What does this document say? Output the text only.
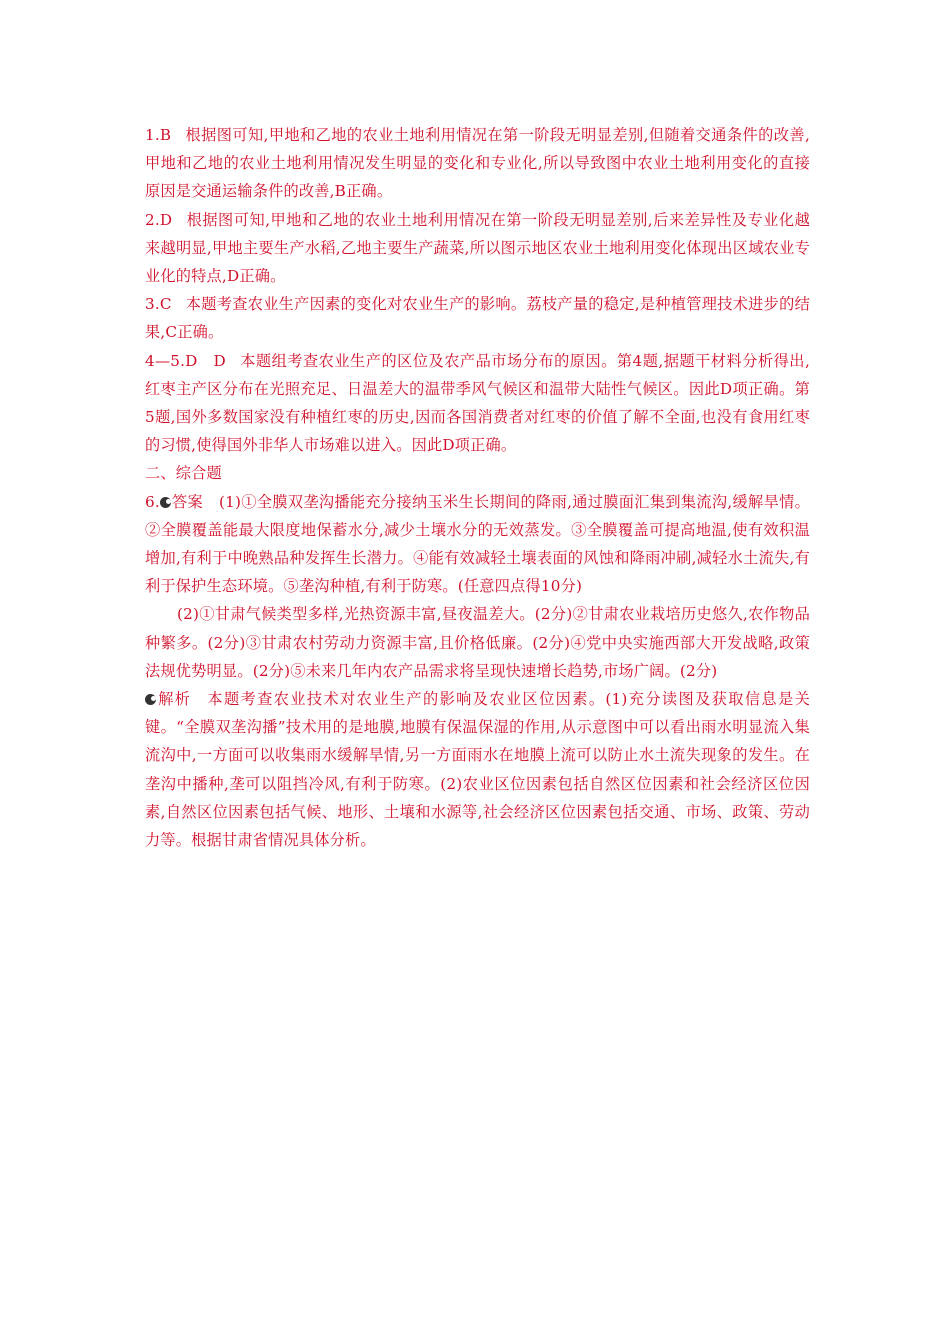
1.B 根据图可知,甲地和乙地的农业土地利用情况在第一阶段无明显差别,但随着交通条件的改善,甲地和乙地的农业土地利用情况发生明显的变化和专业化,所以导致图中农业土地利用变化的直接原因是交通运输条件的改善,B正确。

2.D 根据图可知,甲地和乙地的农业土地利用情况在第一阶段无明显差别,后来差异性及专业化越来越明显,甲地主要生产水稻,乙地主要生产蔬菜,所以图示地区农业土地利用变化体现出区域农业专业化的特点,D正确。

3.C 本题考查农业生产因素的变化对农业生产的影响。荔枝产量的稳定,是种植管理技术进步的结果,C正确。

4—5.D　D 本题组考查农业生产的区位及农产品市场分布的原因。第4题,据题干材料分析得出,红枣主产区分布在光照充足、日温差大的温带季风气候区和温带大陆性气候区。因此D项正确。第5题,国外多数国家没有种植红枣的历史,因而各国消费者对红枣的价值了解不全面,也没有食用红枣的习惯,使得国外非华人市场难以进入。因此D项正确。

二、综合题

6. 答案 (1)①全膜双垄沟播能充分接纳玉米生长期间的降雨,通过膜面汇集到集流沟,缓解旱情。②全膜覆盖能最大限度地保蓄水分,减少土壤水分的无效蒸发。③全膜覆盖可提高地温,使有效积温增加,有利于中晚熟品种发挥生长潜力。④能有效减轻土壤表面的风蚀和降雨冲刷,减轻水土流失,有利于保护生态环境。⑤垄沟种植,有利于防寒。(任意四点得10分)

(2)①甘肃气候类型多样,光热资源丰富,昼夜温差大。(2分)②甘肃农业栽培历史悠久,农作物品种繁多。(2分)③甘肃农村劳动力资源丰富,且价格低廉。(2分)④党中央实施西部大开发战略,政策法规优势明显。(2分)⑤未来几年内农产品需求将呈现快速增长趋势,市场广阔。(2分)

解析 本题考查农业技术对农业生产的影响及农业区位因素。(1)充分读图及获取信息是关键。“全膜双垄沟播”技术用的是地膜,地膜有保温保湿的作用,从示意图中可以看出雨水明显流入集流沟中,一方面可以收集雨水缓解旱情,另一方面雨水在地膜上流可以防止水土流失现象的发生。在垄沟中播种,垄可以阻挡冷风,有利于防寒。(2)农业区位因素包括自然区位因素和社会经济区位因素,自然区位因素包括气候、地形、土壤和水源等,社会经济区位因素包括交通、市场、政策、劳动力等。根据甘肃省情况具体分析。
